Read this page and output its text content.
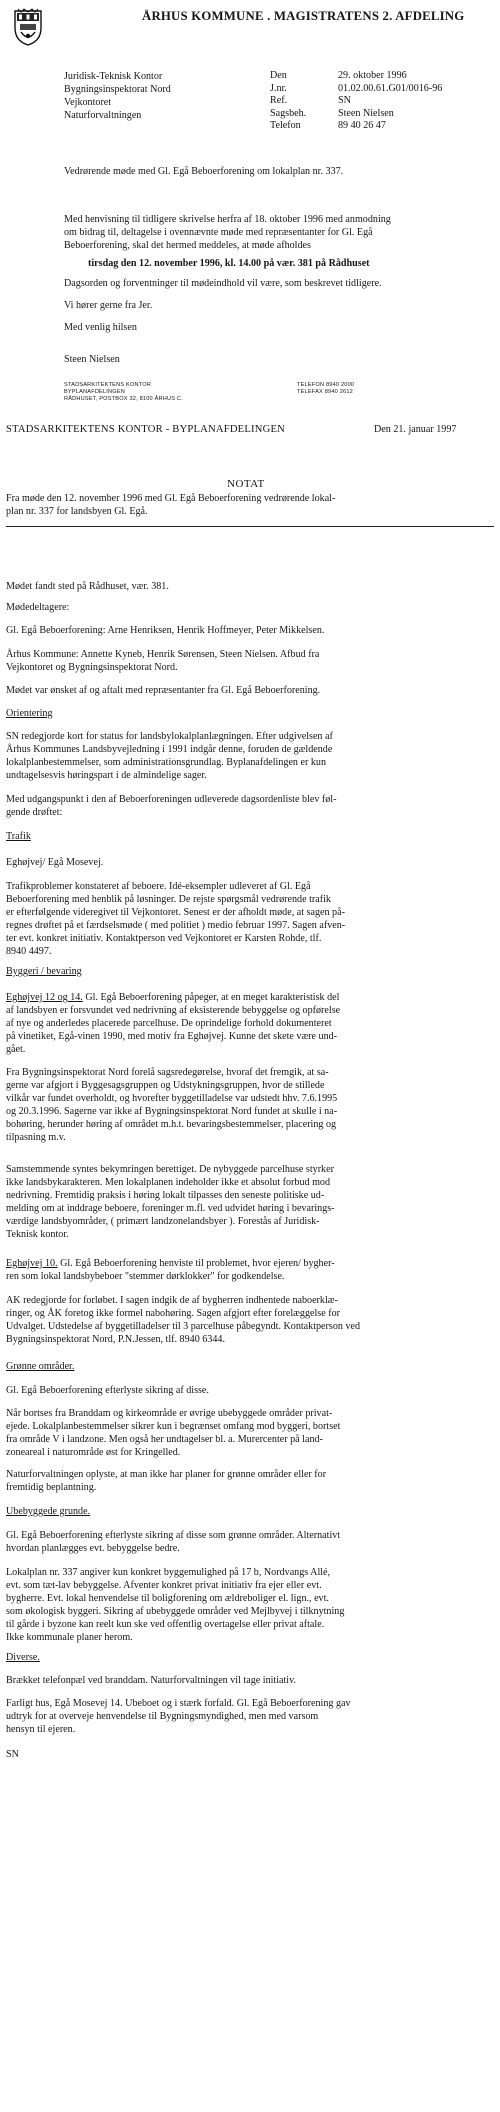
ÅRHUS KOMMUNE . MAGISTRATENS 2. AFDELING

Juridisk-Teknisk Kontor

Bygningsinspektorat Nord

Vejkontoret

Naturforvaltningen

Den	29. oktober 1996
J.nr.	01.02.00.61.G01/0016-96
Ref.	SN
Sagsbeh.	Steen Nielsen
Telefon	89 40 26 47
Vedrørende møde med Gl. Egå Beboerforening om lokalplan nr. 337.

Med henvisning til tidligere skrivelse herfra af 18. oktober 1996 med anmodning

om bidrag til, deltagelse i ovennævnte møde med repræsentanter for Gl. Egå

Beboerforening, skal det hermed meddeles, at møde afholdes

tirsdag den 12. november 1996, kl. 14.00 på vær. 381 på Rådhuset
Dagsorden og forventninger til mødeindhold vil være, som beskrevet tidligere.
Vi hører gerne fra Jer.
Med venlig hilsen
Steen Nielsen

STADSARKITEKTENS KONTOR

BYPLANAFDELINGEN

RÅDHUSET, POSTBOX 32, 8100 ÅRHUS C.

TELEFON 8940 2000

TELEFAX 8940 2612

STADSARKITEKTENS KONTOR - BYPLANAFDELINGEN	Den 21. januar 1997
NOTAT

Fra møde den 12. november 1996 med Gl. Egå Beboerforening vedrørende lokal-

plan nr. 337 for landsbyen Gl. Egå.

Mødet fandt sted på Rådhuset, vær. 381.
Mødedeltagere:
Gl. Egå Beboerforening: Arne Henriksen, Henrik Hoffmeyer, Peter Mikkelsen.

Århus Kommune: Annette Kyneb, Henrik Sørensen, Steen Nielsen. Afbud fra

Vejkontoret og Bygningsinspektorat Nord.

Mødet var ønsket af og aftalt med repræsentanter fra Gl. Egå Beboerforening.
Orientering

SN redegjorde kort for status for landsbylokalplanlægningen. Efter udgivelsen af

Århus Kommunes Landsbyvejledning i 1991 indgår denne, foruden de gældende

lokalplanbestemmelser, som administrationsgrundlag. Byplanafdelingen er kun

undtagelsesvis høringspart i de almindelige sager.

Med udgangspunkt i den af Beboerforeningen udleverede dagsordenliste blev føl-

gende drøftet:

Trafik
Eghøjvej/ Egå Mosevej.

Trafikproblemer konstateret af beboere. Idé-eksempler udleveret af Gl. Egå

Beboerforening med henblik på løsninger. De rejste spørgsmål vedrørende trafik

er efterfølgende videregivet til Vejkontoret. Senest er der afholdt møde, at sagen på-

regnes drøftet på et færdselsmøde ( med politiet ) medio februar 1997. Sagen afven-

ter evt. konkret initiativ. Kontaktperson ved Vejkontoret er Karsten Rohde, tlf.

8940 4497.

Byggeri / bevaring

Eghøjvej 12 og 14. Gl. Egå Beboerforening påpeger, at en meget karakteristisk del

af landsbyen er forsvundet ved nedrivning af eksisterende bebyggelse og opførelse

af nye og anderledes placerede parcelhuse. De oprindelige forhold dokumenteret

på vinetiket, Egå-vinen 1990, med motiv fra Eghøjvej. Kunne det skete være und-

gået.

Fra Bygningsinspektorat Nord forelå sagsredegørelse, hvoraf det fremgik, at sa-

gerne var afgjort i Byggesagsgruppen og Udstykningsgruppen, hvor de stillede

vilkår var fundet overholdt, og hvorefter byggetilladelse var udstedt hhv. 7.6.1995

og 20.3.1996. Sagerne var ikke af Bygningsinspektorat Nord fundet at skulle i na-

bohøring, herunder høring af området m.h.t. bevaringsbestemmelser, placering og

tilpasning m.v.

Samstemmende syntes bekymringen berettiget. De nybyggede parcelhuse styrker

ikke landsbykarakteren. Men lokalplanen indeholder ikke et absolut forbud mod

nedrivning. Fremtidig praksis i høring lokalt tilpasses den seneste politiske ud-

melding om at inddrage beboere, foreninger m.fl. ved udvidet høring i bevarings-

værdige landsbyområder, ( primært landzonelandsbyer ). Forestås af Juridisk-

Teknisk kontor.

Eghøjvej 10. Gl. Egå Beboerforening henviste til problemet, hvor ejeren/ bygher-

ren som lokal landsbybeboer "stemmer dørklokker" for godkendelse.

AK redegjorde for forløbet. I sagen indgik de af bygherren indhentede naboerklæ-

ringer, og ÅK foretog ikke formel nabohøring. Sagen afgjort efter forelæggelse for

Udvalget. Udstedelse af byggetilladelser til 3 parcelhuse påbegyndt. Kontaktperson ved

Bygningsinspektorat Nord, P.N.Jessen, tlf. 8940 6344.

Grønne områder.
Gl. Egå Beboerforening efterlyste sikring af disse.

Når bortses fra Branddam og kirkeområde er øvrige ubebyggede områder privat-

ejede. Lokalplanbestemmelser sikrer kun i begrænset omfang mod byggeri, bortset

fra område V i landzone. Men også her undtagelser bl. a. Murercenter på land-

zoneareal i naturområde øst for Kringelled.

Naturforvaltningen oplyste, at man ikke har planer for grønne områder eller for

fremtidig beplantning.

Ubebyggede grunde.

Gl. Egå Beboerforening efterlyste sikring af disse som grønne områder. Alternativt

hvordan planlægges evt. bebyggelse bedre.

Lokalplan nr. 337 angiver kun konkret byggemulighed på 17 b, Nordvangs Allé,

evt. som tæt-lav bebyggelse. Afventer konkret privat initiativ fra ejer eller evt.

bygherre. Evt. lokal henvendelse til boligforening om ældreboliger el. lign., evt.

som økologisk byggeri. Sikring af ubebyggede områder ved Mejlbyvej i tilknytning

til gårde i byzone kan reelt kun ske ved offentlig overtagelse eller privat aftale.

Ikke kommunale planer herom.

Diverse.
Brækket telefonpæl ved branddam. Naturforvaltningen vil tage initiativ.

Farligt hus, Egå Mosevej 14. Ubeboet og i stærk forfald. Gl. Egå Beboerforening gav

udtryk for at overveje henvendelse til Bygningsmyndighed, men med varsom

hensyn til ejeren.

SN
